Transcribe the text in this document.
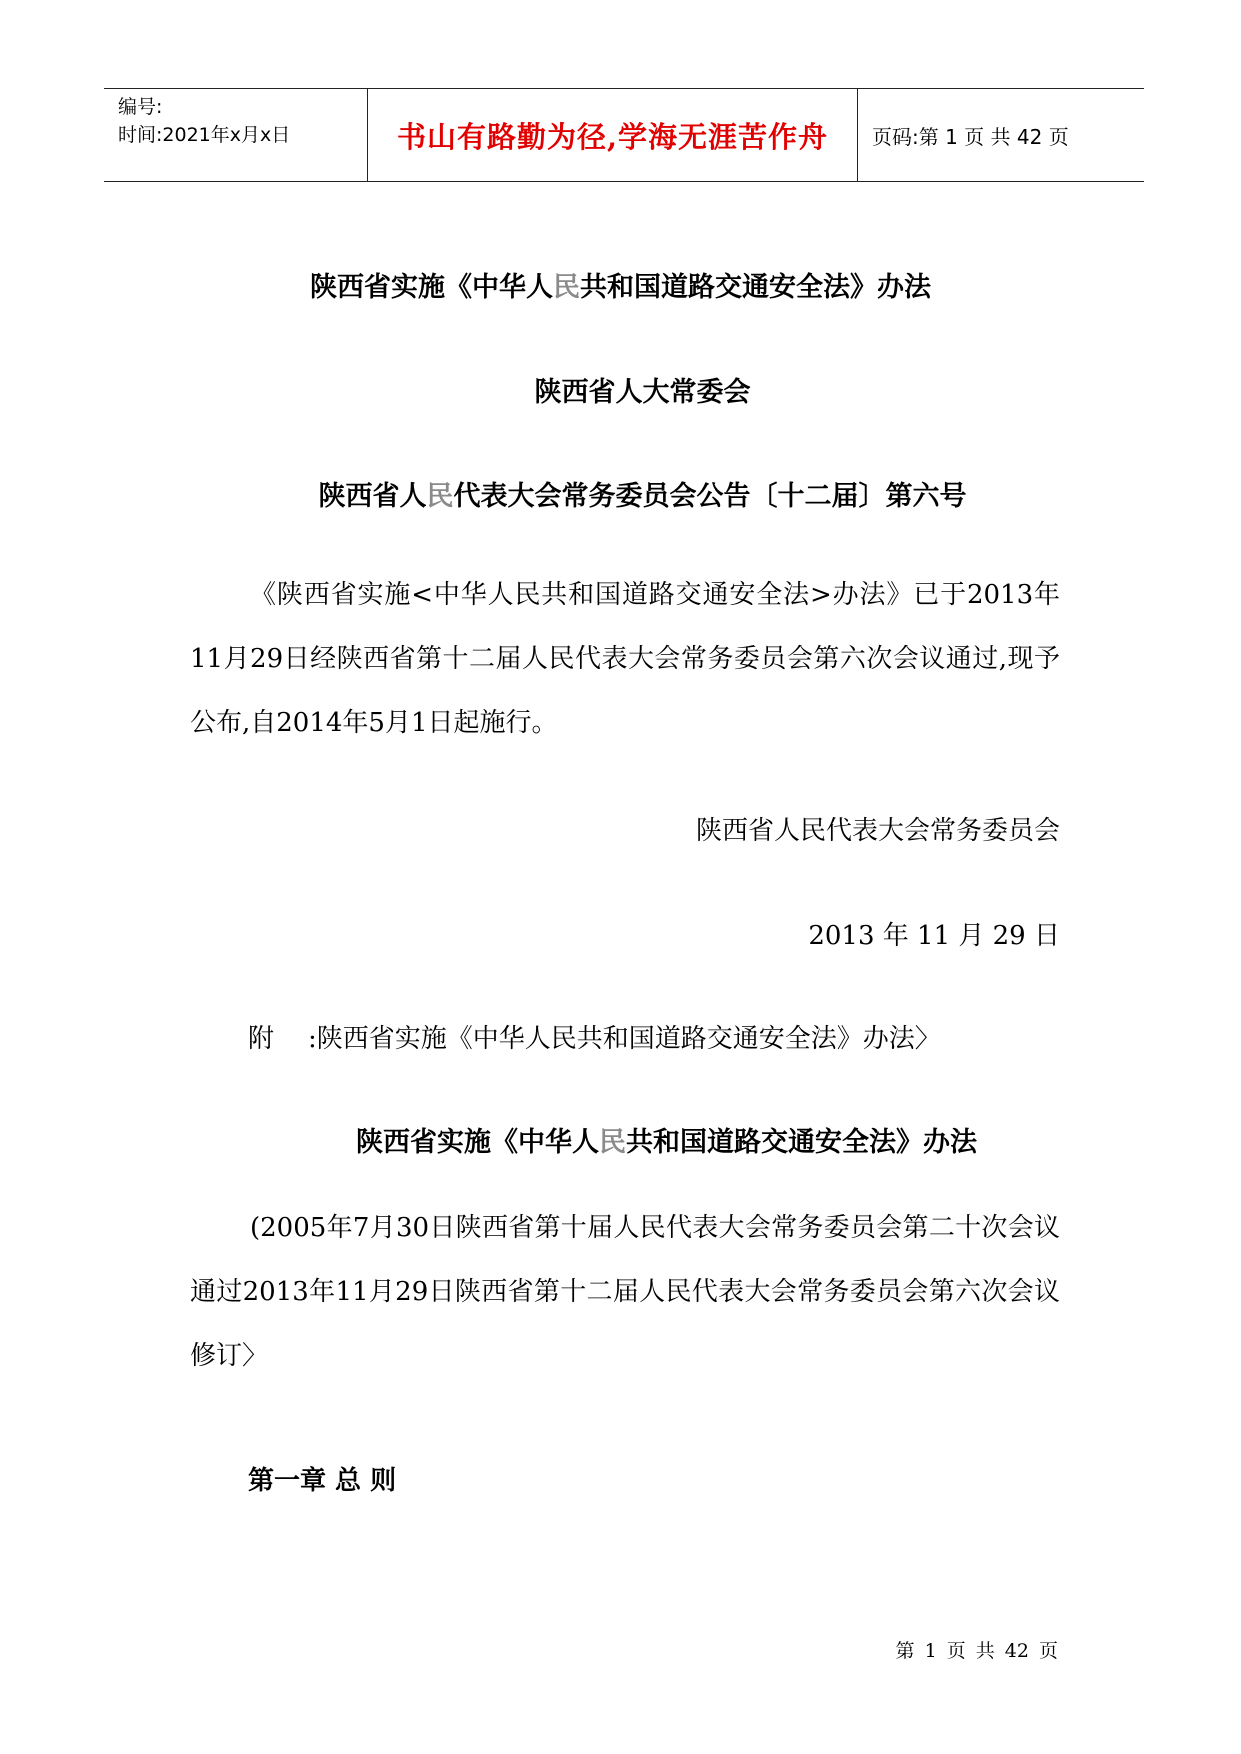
编号:
时间:2021年x月x日	书山有路勤为径,学海无涯苦作舟	页码:第 1 页 共 42 页
陕西省实施《中华人民共和国道路交通安全法》办法
陕西省人大常委会
陕西省人民代表大会常务委员会公告〔十二届〕第六号

《陕西省实施<中华人民共和国道路交通安全法>办法》已于2013年11月29日经陕西省第十二届人民代表大会常务委员会第六次会议通过,现予公布,自2014年5月1日起施行。

陕西省人民代表大会常务委员会
2013 年 11 月 29 日
附 :陕西省实施《中华人民共和国道路交通安全法》办法〉
陕西省实施《中华人民共和国道路交通安全法》办法

(2005年7月30日陕西省第十届人民代表大会常务委员会第二十次会议通过2013年11月29日陕西省第十二届人民代表大会常务委员会第六次会议修订〉

第一章 总 则
第 1 页 共 42 页
